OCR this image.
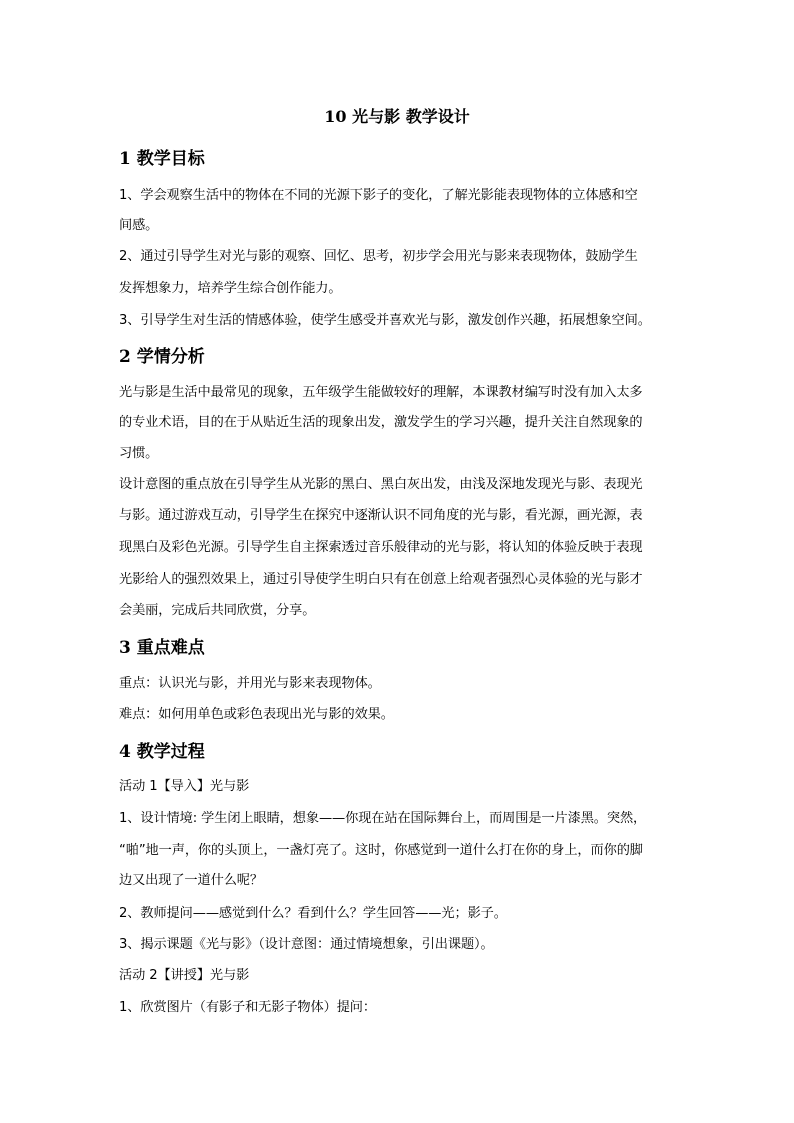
10 光与影 教学设计
1 教学目标
1、学会观察生活中的物体在不同的光源下影子的变化，了解光影能表现物体的立体感和空
间感。
2、通过引导学生对光与影的观察、回忆、思考，初步学会用光与影来表现物体，鼓励学生
发挥想象力，培养学生综合创作能力。
3、引导学生对生活的情感体验，使学生感受并喜欢光与影，激发创作兴趣，拓展想象空间。
2 学情分析
光与影是生活中最常见的现象，五年级学生能做较好的理解，本课教材编写时没有加入太多
的专业术语，目的在于从贴近生活的现象出发，激发学生的学习兴趣，提升关注自然现象的
习惯。
设计意图的重点放在引导学生从光影的黑白、黑白灰出发，由浅及深地发现光与影、表现光
与影。通过游戏互动，引导学生在探究中逐渐认识不同角度的光与影，看光源，画光源，表
现黑白及彩色光源。引导学生自主探索透过音乐般律动的光与影，将认知的体验反映于表现
光影给人的强烈效果上，通过引导使学生明白只有在创意上给观者强烈心灵体验的光与影才
会美丽，完成后共同欣赏，分享。
3 重点难点
重点：认识光与影，并用光与影来表现物体。
难点：如何用单色或彩色表现出光与影的效果。
4 教学过程
活动 1【导入】光与影
1、设计情境: 学生闭上眼睛，想象——你现在站在国际舞台上，而周围是一片漆黑。突然，
“啪”地一声，你的头顶上，一盏灯亮了。这时，你感觉到一道什么打在你的身上，而你的脚
边又出现了一道什么呢？
2、教师提问——感觉到什么？看到什么？学生回答——光；影子。
3、揭示课题《光与影》（设计意图：通过情境想象，引出课题）。
活动 2【讲授】光与影
1、欣赏图片（有影子和无影子物体）提问：
